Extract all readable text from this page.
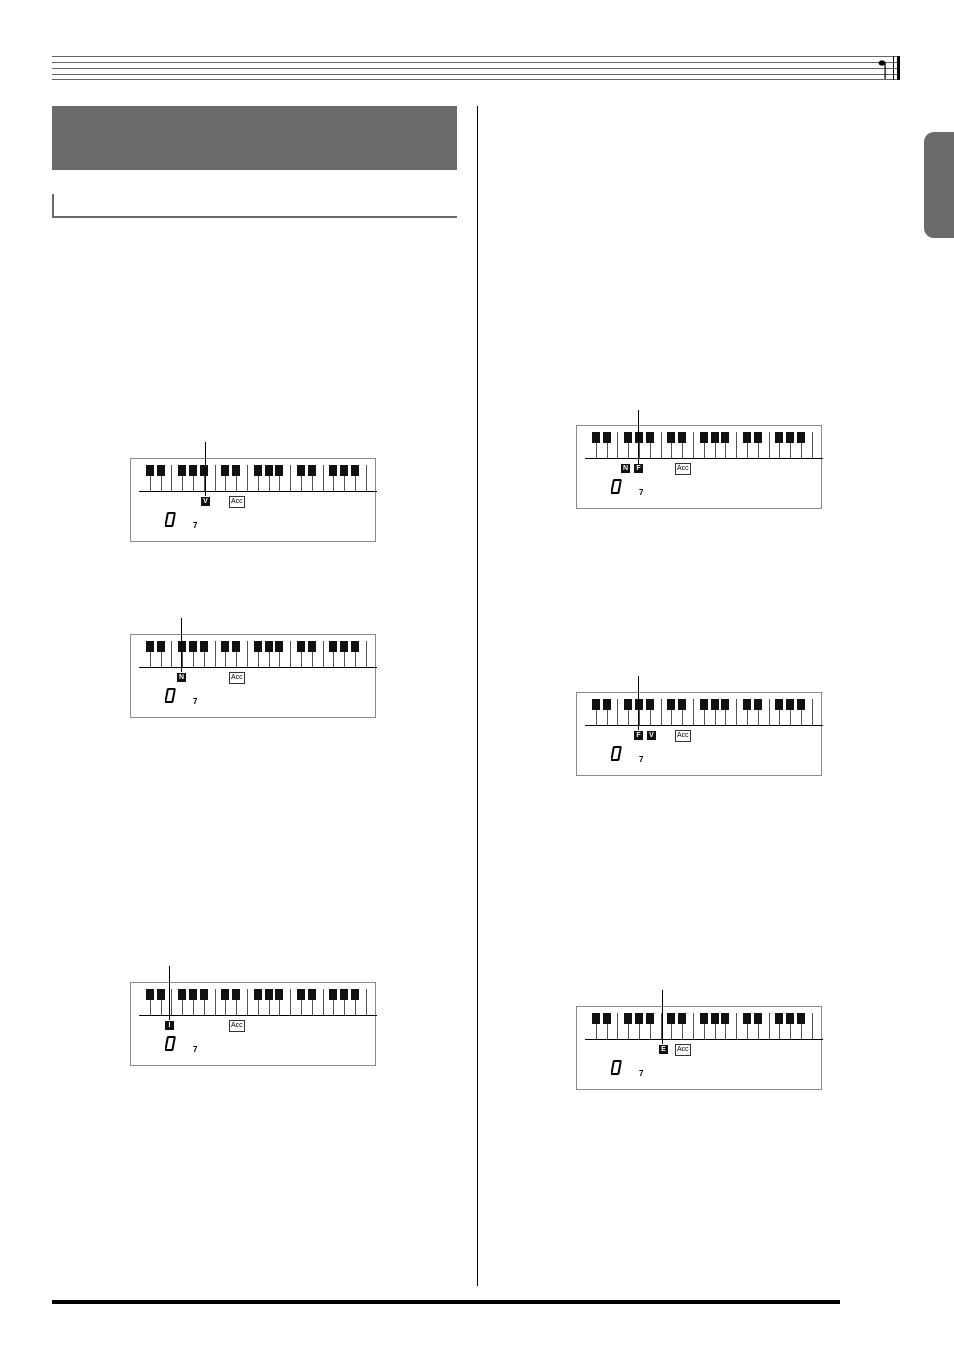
V	Acc
7
N	Acc
7
I	Acc
7
N	F	Acc
7
F	V	Acc
7
E	Acc
7
